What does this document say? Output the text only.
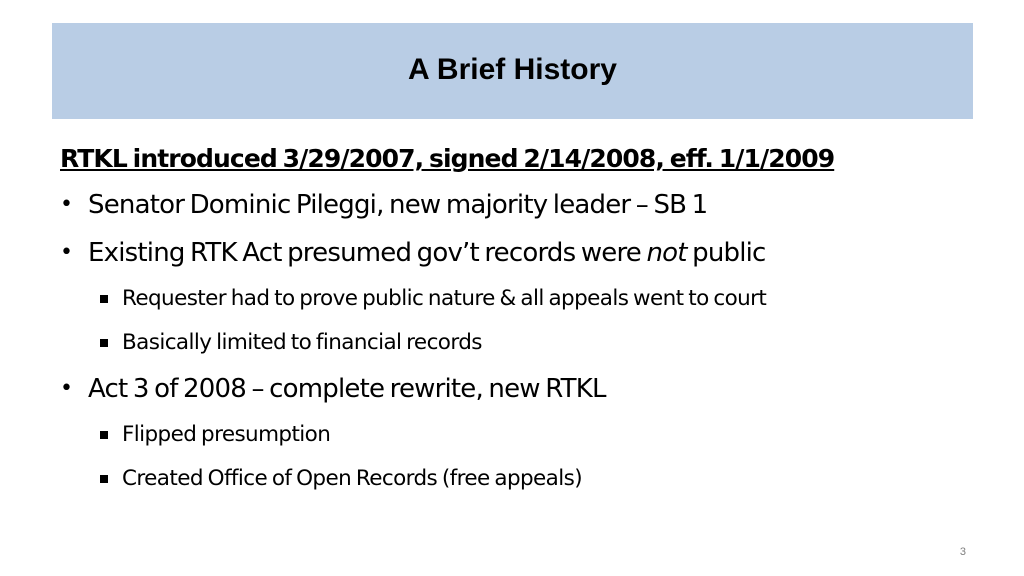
A Brief History
RTKL introduced 3/29/2007, signed 2/14/2008, eff. 1/1/2009
• Senator Dominic Pileggi, new majority leader – SB 1
• Existing RTK Act presumed gov’t records were not public
Requester had to prove public nature & all appeals went to court
Basically limited to financial records
• Act 3 of 2008 – complete rewrite, new RTKL
Flipped presumption
Created Office of Open Records (free appeals)
3
